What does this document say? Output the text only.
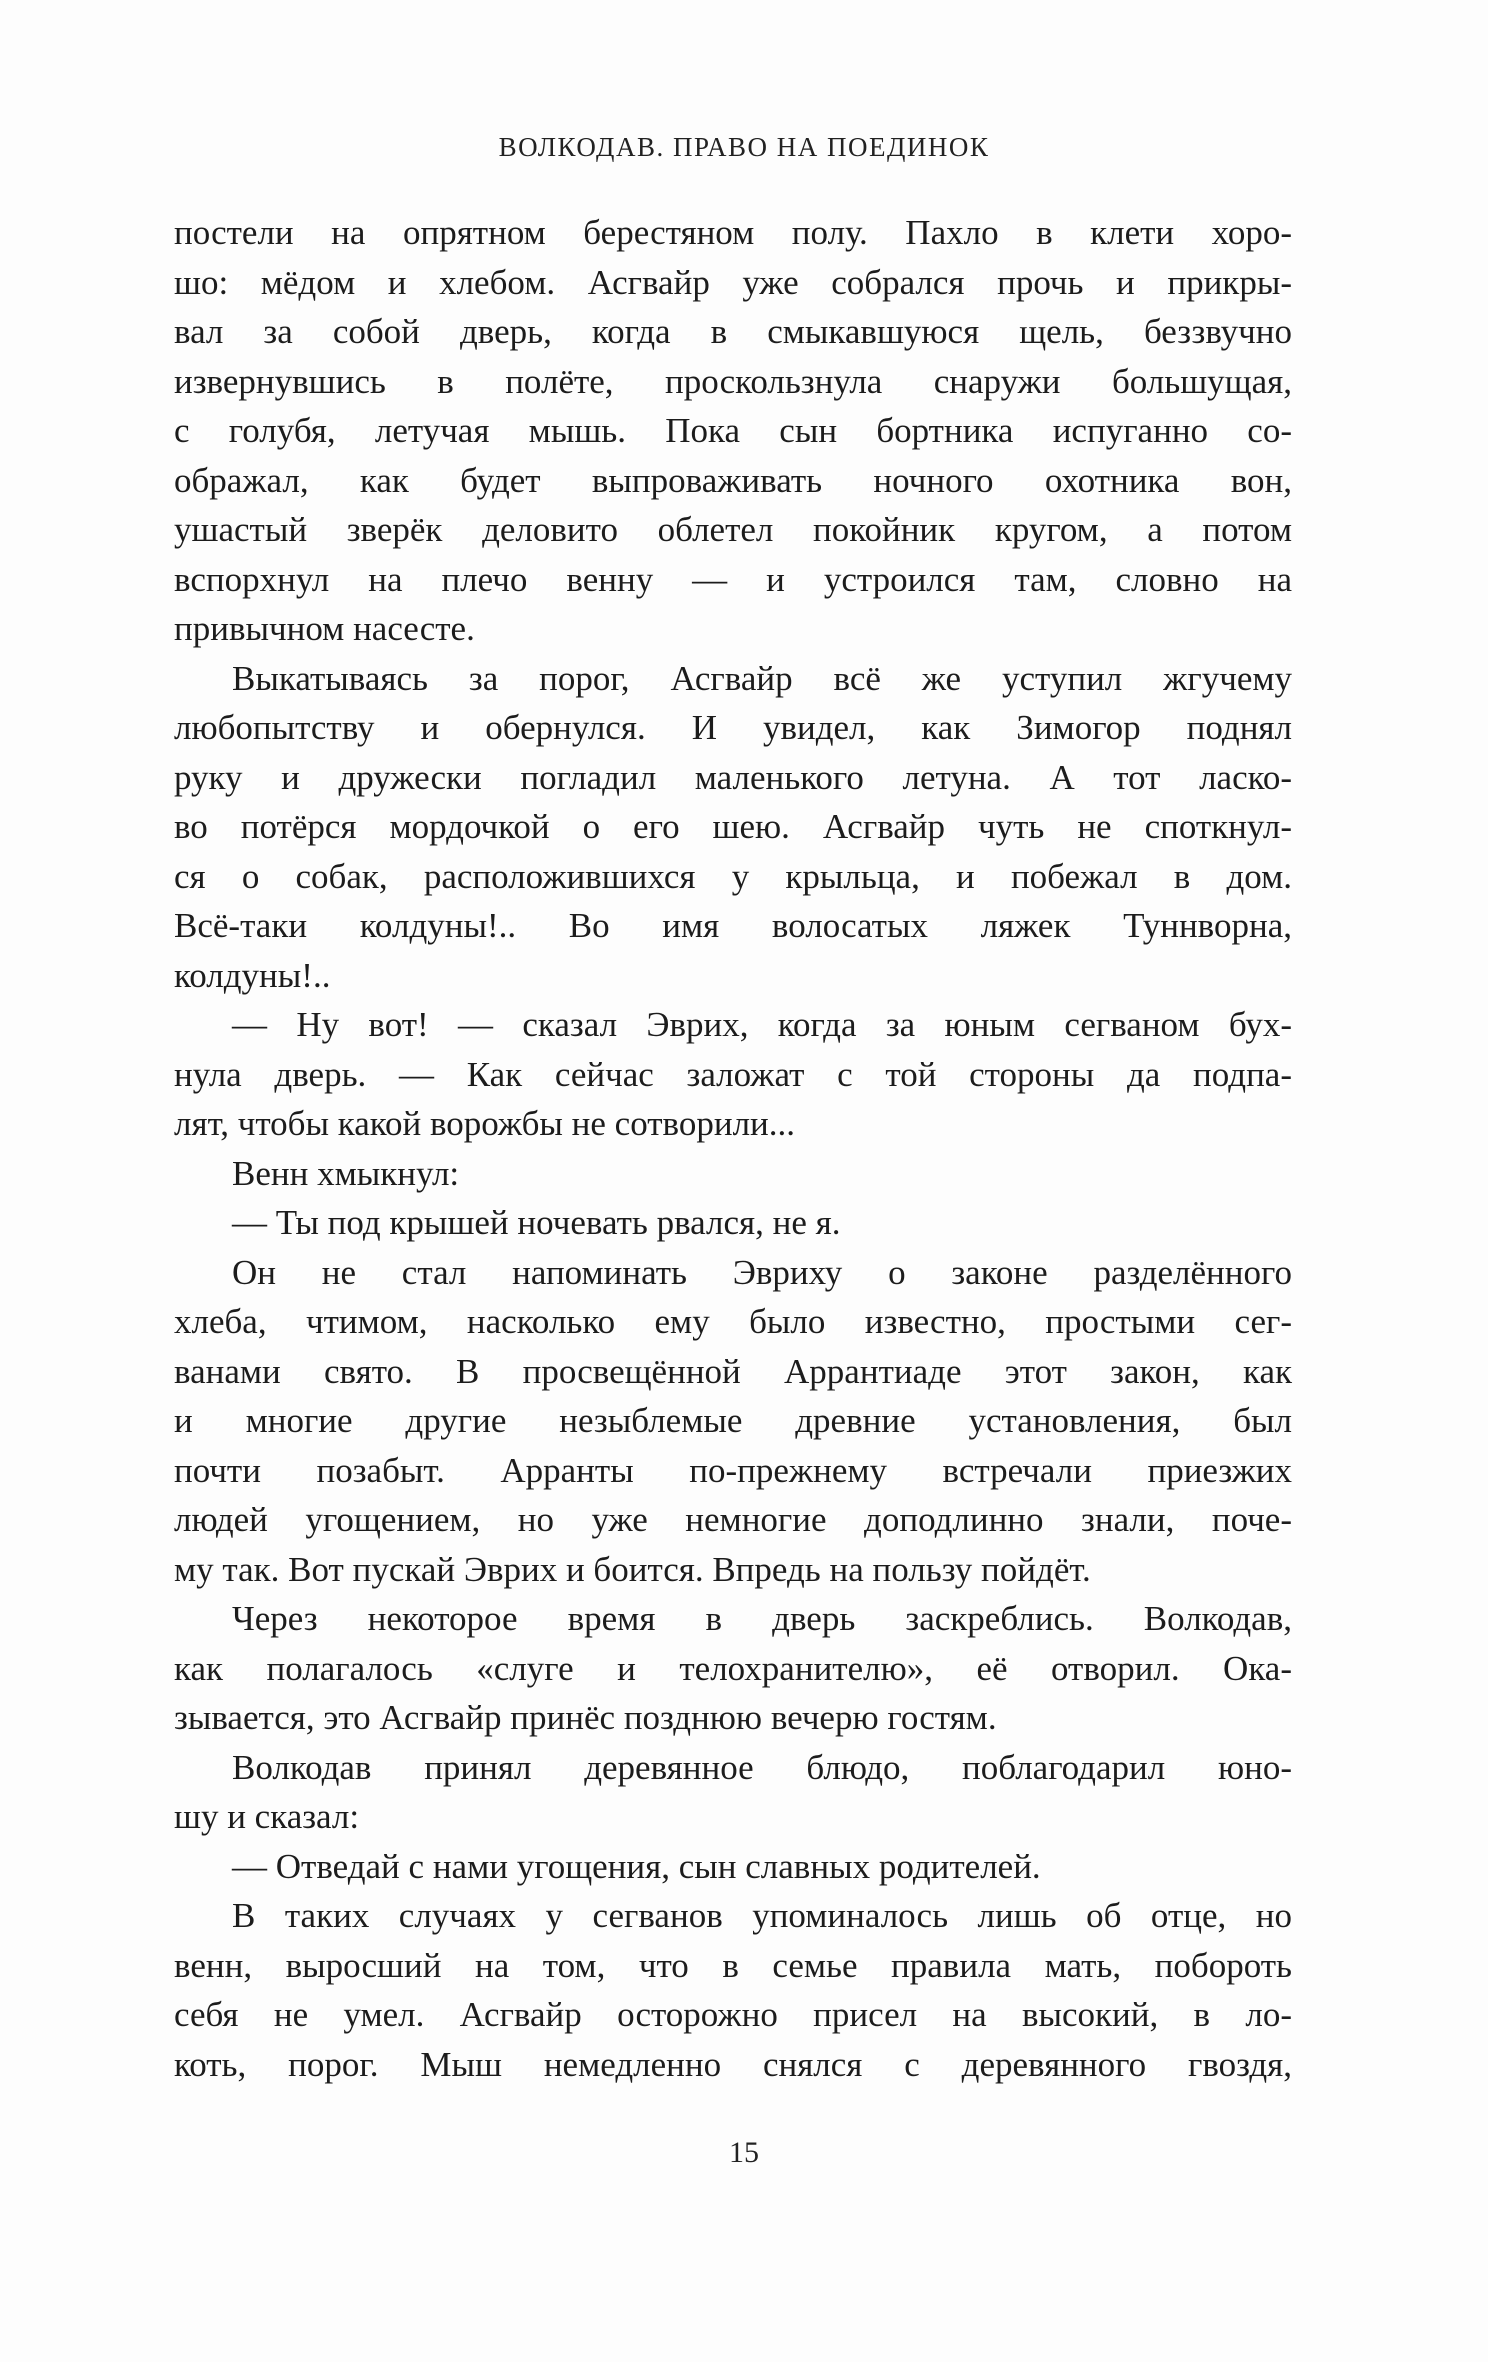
ВОЛКОДАВ. ПРАВО НА ПОЕДИНОК
постели на опрятном берестяном полу. Пахло в клети хоро-
шо: мёдом и хлебом. Асгвайр уже собрался прочь и прикры-
вал за собой дверь, когда в смыкавшуюся щель, беззвучно
извернувшись в полёте, проскользнула снаружи большущая,
с голубя, летучая мышь. Пока сын бортника испуганно со-
ображал, как будет выпроваживать ночного охотника вон,
ушастый зверёк деловито облетел покойник кругом, а потом
вспорхнул на плечо венну — и устроился там, словно на
привычном насесте.
Выкатываясь за порог, Асгвайр всё же уступил жгучему
любопытству и обернулся. И увидел, как Зимогор поднял
руку и дружески погладил маленького летуна. А тот ласко-
во потёрся мордочкой о его шею. Асгвайр чуть не споткнул-
ся о собак, расположившихся у крыльца, и побежал в дом.
Всё-таки колдуны!.. Во имя волосатых ляжек Туннворна,
колдуны!..
— Ну вот! — сказал Эврих, когда за юным сегваном бух-
нула дверь. — Как сейчас заложат с той стороны да подпа-
лят, чтобы какой ворожбы не сотворили...
Венн хмыкнул:
— Ты под крышей ночевать рвался, не я.
Он не стал напоминать Эвриху о законе разделённого
хлеба, чтимом, насколько ему было известно, простыми сег-
ванами свято. В просвещённой Аррантиаде этот закон, как
и многие другие незыблемые древние установления, был
почти позабыт. Арранты по-прежнему встречали приезжих
людей угощением, но уже немногие доподлинно знали, поче-
му так. Вот пускай Эврих и боится. Впредь на пользу пойдёт.
Через некоторое время в дверь заскреблись. Волкодав,
как полагалось «слуге и телохранителю», её отворил. Ока-
зывается, это Асгвайр принёс позднюю вечерю гостям.
Волкодав принял деревянное блюдо, поблагодарил юно-
шу и сказал:
— Отведай с нами угощения, сын славных родителей.
В таких случаях у сегванов упоминалось лишь об отце, но
венн, выросший на том, что в семье правила мать, побороть
себя не умел. Асгвайр осторожно присел на высокий, в ло-
коть, порог. Мыш немедленно снялся с деревянного гвоздя,
15
